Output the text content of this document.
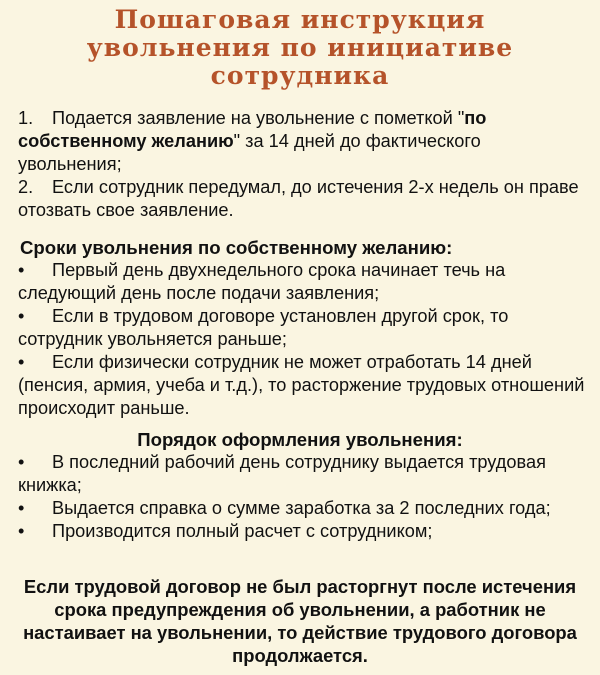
Пошаговая инструкция
увольнения по инициативе
сотрудника
1. Подается заявление на увольнение с пометкой "по собственному желанию" за 14 дней до фактического увольнения;
2. Если сотрудник передумал, до истечения 2-х недель он праве отозвать свое заявление.
Сроки увольнения по собственному желанию:
• Первый день двухнедельного срока начинает течь на следующий день после подачи заявления;
• Если в трудовом договоре установлен другой срок, то сотрудник увольняется раньше;
• Если физически сотрудник не может отработать 14 дней (пенсия, армия, учеба и т.д.), то расторжение трудовых отношений происходит раньше.
Порядок оформления увольнения:
• В последний рабочий день сотруднику выдается трудовая книжка;
• Выдается справка о сумме заработка за 2 последних года;
• Производится полный расчет с сотрудником;
Если трудовой договор не был расторгнут после истечения срока предупреждения об увольнении, а работник не настаивает на увольнении, то действие трудового договора продолжается.
